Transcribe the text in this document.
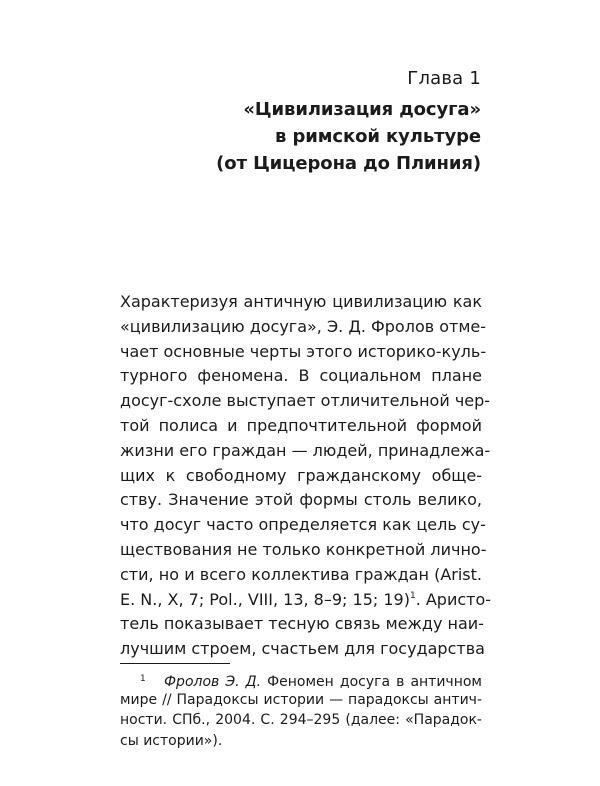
Глава 1
«Цивилизация досуга»
в римской культуре
(от Цицерона до Плиния)
Характеризуя античную цивилизацию как
«цивилизацию досуга», Э. Д. Фролов отме-
чает основные черты этого историко-куль-
турного феномена. В социальном плане
досуг-схоле выступает отличительной чер-
той полиса и предпочтительной формой
жизни его граждан — людей, принадлежа-
щих к свободному гражданскому обще-
ству. Значение этой формы столь велико,
что досуг часто определяется как цель су-
ществования не только конкретной лично-
сти, но и всего коллектива граждан (Arist.
E. N., X, 7; Pol., VIII, 13, 8–9; 15; 19)$^1$. Аристо-
тель показывает тесную связь между наи-
лучшим строем, счастьем для государства
1 Фролов Э. Д. Феномен досуга в античном
мире // Парадоксы истории — парадоксы антич-
ности. СПб., 2004. С. 294–295 (далее: «Парадок-
сы истории»).
